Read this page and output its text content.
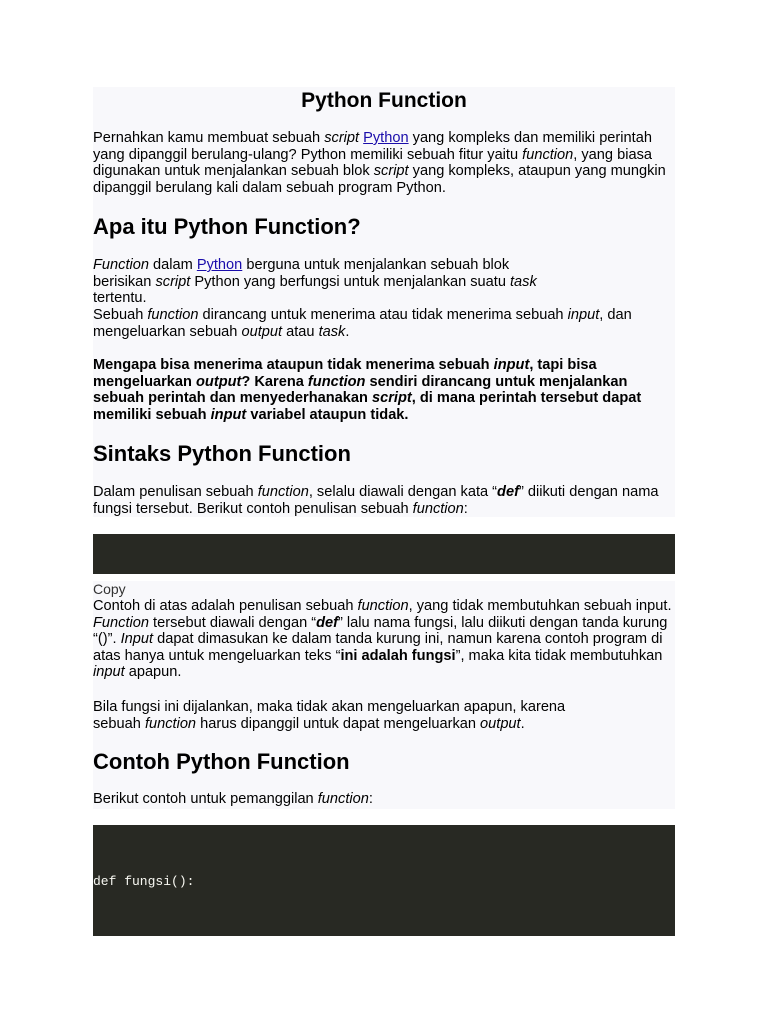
Python Function

Pernahkan kamu membuat sebuah script Python yang kompleks dan memiliki perintah yang dipanggil berulang-ulang? Python memiliki sebuah fitur yaitu function, yang biasa digunakan untuk menjalankan sebuah blok script yang kompleks, ataupun yang mungkin dipanggil berulang kali dalam sebuah program Python.

Apa itu Python Function?

Function dalam Python berguna untuk menjalankan sebuah blok berisikan script Python yang berfungsi untuk menjalankan suatu task tertentu.

Sebuah function dirancang untuk menerima atau tidak menerima sebuah input, dan mengeluarkan sebuah output atau task.

Mengapa bisa menerima ataupun tidak menerima sebuah input, tapi bisa mengeluarkan output? Karena function sendiri dirancang untuk menjalankan sebuah perintah dan menyederhanakan script, di mana perintah tersebut dapat memiliki sebuah input variabel ataupun tidak.

Sintaks Python Function

Dalam penulisan sebuah function, selalu diawali dengan kata “def” diikuti dengan nama fungsi tersebut. Berikut contoh penulisan sebuah function:

Copy

Contoh di atas adalah penulisan sebuah function, yang tidak membutuhkan sebuah input. Function tersebut diawali dengan “def” lalu nama fungsi, lalu diikuti dengan tanda kurung “()”. Input dapat dimasukan ke dalam tanda kurung ini, namun karena contoh program di atas hanya untuk mengeluarkan teks “ini adalah fungsi”, maka kita tidak membutuhkan input apapun.

Bila fungsi ini dijalankan, maka tidak akan mengeluarkan apapun, karena sebuah function harus dipanggil untuk dapat mengeluarkan output.

Contoh Python Function

Berikut contoh untuk pemanggilan function:

def fungsi():
